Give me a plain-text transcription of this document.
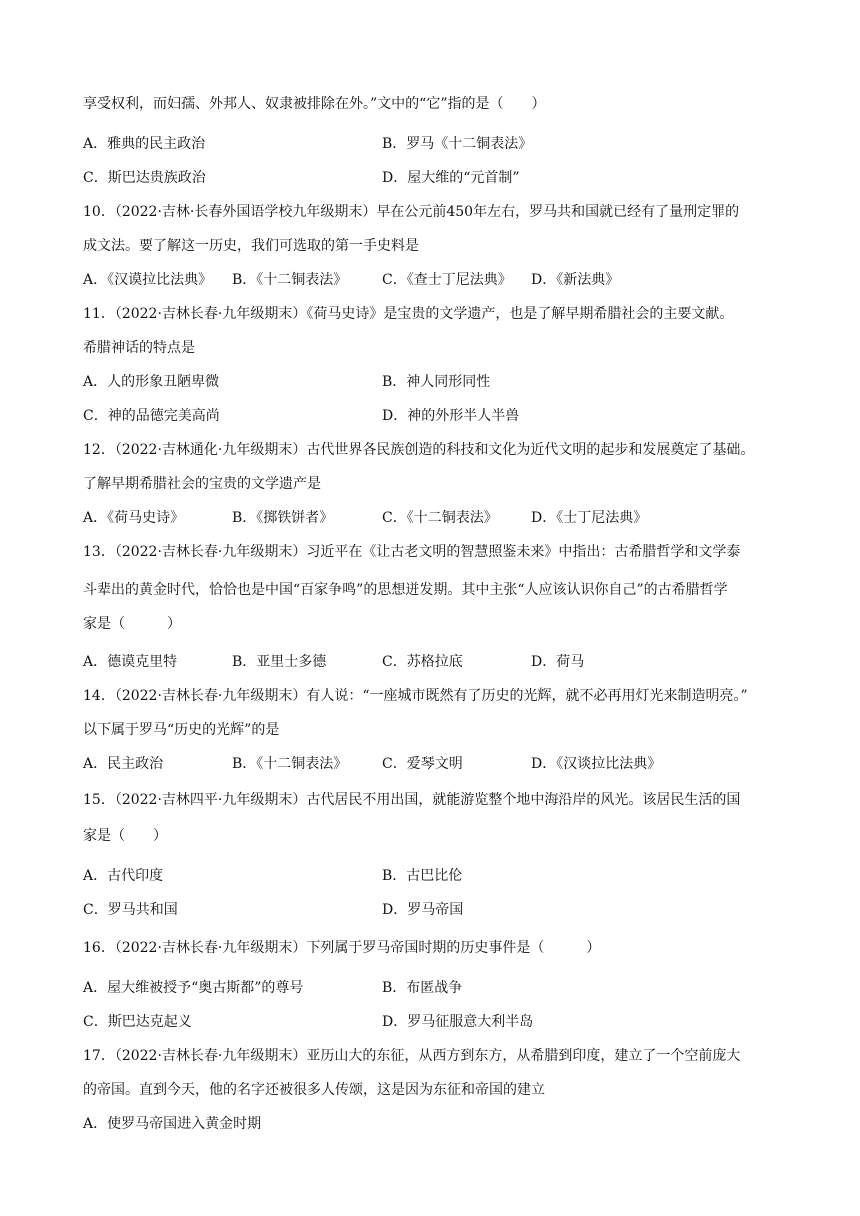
享受权利，而妇孺、外邦人、奴隶被排除在外。”文中的“它”指的是（　　）
A．雅典的民主政治	B．罗马《十二铜表法》
C．斯巴达贵族政治	D．屋大维的“元首制”
10．（2022·吉林·长春外国语学校九年级期末）早在公元前450年左右，罗马共和国就已经有了量刑定罪的
成文法。要了解这一历史，我们可选取的第一手史料是
A．《汉谟拉比法典》 B．《十二铜表法》 C．《查士丁尼法典》 D．《新法典》
11．（2022·吉林长春·九年级期末）《荷马史诗》是宝贵的文学遗产，也是了解早期希腊社会的主要文献。
希腊神话的特点是
A．人的形象丑陋卑微	B．神人同形同性
C．神的品德完美高尚	D．神的外形半人半兽
12．（2022·吉林通化·九年级期末）古代世界各民族创造的科技和文化为近代文明的起步和发展奠定了基础。
了解早期希腊社会的宝贵的文学遗产是
A．《荷马史诗》	B．《掷铁饼者》	C．《十二铜表法》 D．《士丁尼法典》
13．（2022·吉林长春·九年级期末）习近平在《让古老文明的智慧照鉴未来》中指出：古希腊哲学和文学泰
斗辈出的黄金时代，恰恰也是中国“百家争鸣”的思想迸发期。其中主张“人应该认识你自己”的古希腊哲学
家是（　　　）
A．德谟克里特	B．亚里士多德	C．苏格拉底	D．荷马
14．（2022·吉林长春·九年级期末）有人说：“一座城市既然有了历史的光辉，就不必再用灯光来制造明亮。”
以下属于罗马“历史的光辉”的是
A．民主政治	B．《十二铜表法》 C．爱琴文明	D．《汉谈拉比法典》
15．（2022·吉林四平·九年级期末）古代居民不用出国，就能游览整个地中海沿岸的风光。该居民生活的国
家是（　　）
A．古代印度	B．古巴比伦
C．罗马共和国	D．罗马帝国
16．（2022·吉林长春·九年级期末）下列属于罗马帝国时期的历史事件是（　　　）
A．屋大维被授予“奥古斯都”的尊号	B．布匿战争
C．斯巴达克起义	D．罗马征服意大利半岛
17．（2022·吉林长春·九年级期末）亚历山大的东征，从西方到东方，从希腊到印度，建立了一个空前庞大
的帝国。直到今天，他的名字还被很多人传颂，这是因为东征和帝国的建立
A．使罗马帝国进入黄金时期
